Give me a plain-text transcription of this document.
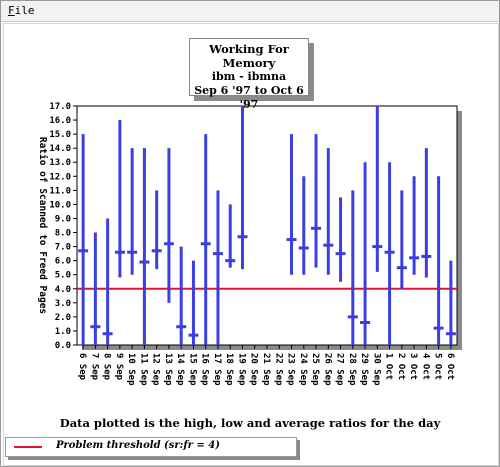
File
0.0
1.0
2.0
3.0
4.0
5.0
6.0
7.0
8.0
9.0
10.0
11.0
12.0
13.0
14.0
15.0
16.0
17.0
Ratio of Scanned to Freed Pages
6 Sep 7 Sep 8 Sep 9 Sep 10 Sep 11 Sep 12 Sep 13 Sep 14 Sep 15 Sep 16 Sep 17 Sep 18 Sep 19 Sep 20 Sep 21 Sep 22 Sep 23 Sep 24 Sep 25 Sep 26 Sep 27 Sep 28 Sep 29 Sep 30 Sep 1 Oct 2 Oct 3 Oct 4 Oct 5 Oct 6 Oct
Working For Memory
ibm - ibmna
Sep 6 '97 to Oct 6 '97
Data plotted is the high, low and average ratios for the day
Problem threshold (sr:fr = 4)
